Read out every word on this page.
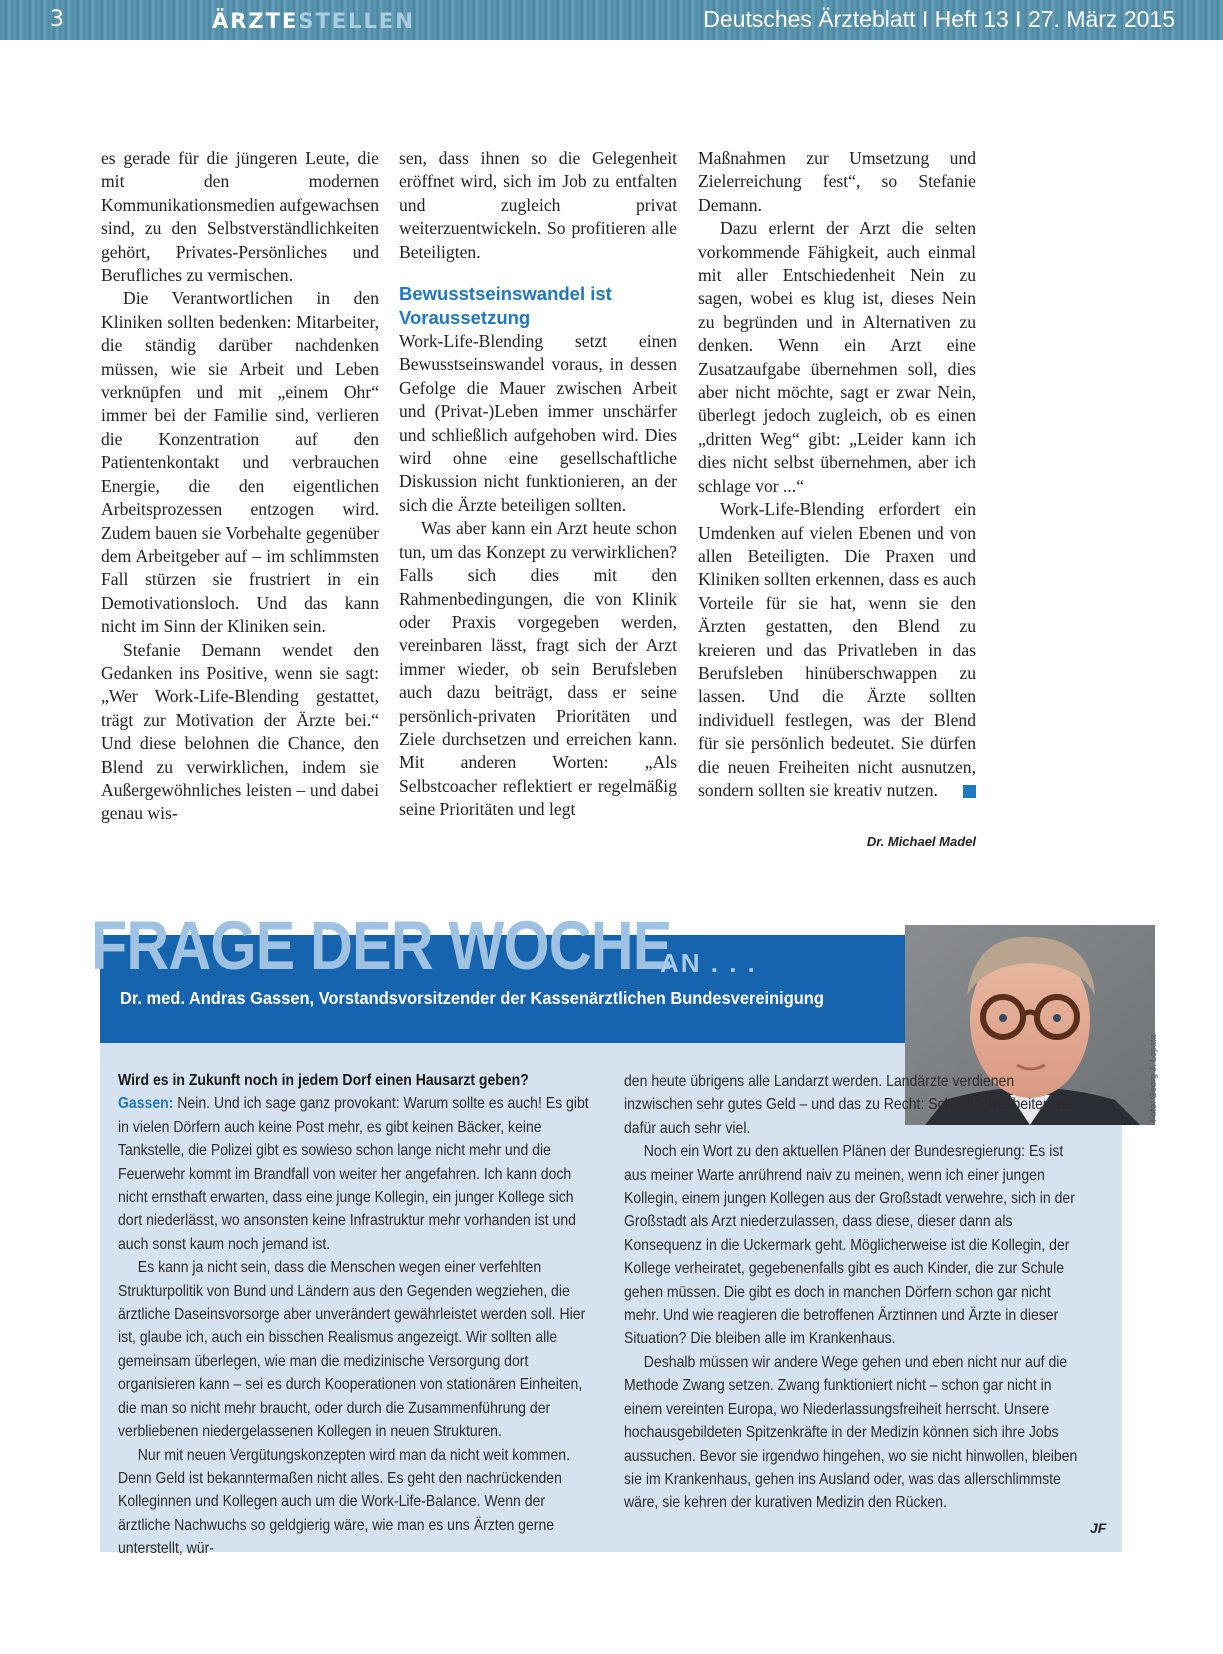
3	ÄRZTESTELLEN	Deutsches Ärzteblatt I Heft 13 I 27. März 2015

es gerade für die jüngeren Leute, die mit den modernen Kommunikationsmedien aufgewachsen sind, zu den Selbstverständlichkeiten gehört, Privates-Persönliches und Berufliches zu vermischen.

Die Verantwortlichen in den Kliniken sollten bedenken: Mitarbeiter, die ständig darüber nachdenken müssen, wie sie Arbeit und Leben verknüpfen und mit „einem Ohr“ immer bei der Familie sind, verlieren die Konzentration auf den Patientenkontakt und verbrauchen Energie, die den eigentlichen Arbeitsprozessen entzogen wird. Zudem bauen sie Vorbehalte gegenüber dem Arbeitgeber auf – im schlimmsten Fall stürzen sie frustriert in ein Demotivationsloch. Und das kann nicht im Sinn der Kliniken sein.

Stefanie Demann wendet den Gedanken ins Positive, wenn sie sagt: „Wer Work-Life-Blending gestattet, trägt zur Motivation der Ärzte bei.“ Und diese belohnen die Chance, den Blend zu verwirklichen, indem sie Außergewöhnliches leisten – und dabei genau wis-

sen, dass ihnen so die Gelegenheit eröffnet wird, sich im Job zu entfalten und zugleich privat weiterzuentwickeln. So profitieren alle Beteiligten.

Bewusstseinswandel ist Voraussetzung

Work-Life-Blending setzt einen Bewusstseinswandel voraus, in dessen Gefolge die Mauer zwischen Arbeit und (Privat-)Leben immer unschärfer und schließlich aufgehoben wird. Dies wird ohne eine gesellschaftliche Diskussion nicht funktionieren, an der sich die Ärzte beteiligen sollten.

Was aber kann ein Arzt heute schon tun, um das Konzept zu verwirklichen? Falls sich dies mit den Rahmenbedingungen, die von Klinik oder Praxis vorgegeben werden, vereinbaren lässt, fragt sich der Arzt immer wieder, ob sein Berufsleben auch dazu beiträgt, dass er seine persönlich-privaten Prioritäten und Ziele durchsetzen und erreichen kann. Mit anderen Worten: „Als Selbstcoacher reflektiert er regelmäßig seine Prioritäten und legt

Maßnahmen zur Umsetzung und Zielerreichung fest“, so Stefanie Demann.

Dazu erlernt der Arzt die selten vorkommende Fähigkeit, auch einmal mit aller Entschiedenheit Nein zu sagen, wobei es klug ist, dieses Nein zu begründen und in Alternativen zu denken. Wenn ein Arzt eine Zusatzaufgabe übernehmen soll, dies aber nicht möchte, sagt er zwar Nein, überlegt jedoch zugleich, ob es einen „dritten Weg“ gibt: „Leider kann ich dies nicht selbst übernehmen, aber ich schlage vor ...“

Work-Life-Blending erfordert ein Umdenken auf vielen Ebenen und von allen Beteiligten. Die Praxen und Kliniken sollten erkennen, dass es auch Vorteile für sie hat, wenn sie den Ärzten gestatten, den Blend zu kreieren und das Privatleben in das Berufsleben hinüberschwappen zu lassen. Und die Ärzte sollten individuell festlegen, was der Blend für sie persönlich bedeutet. Sie dürfen die neuen Freiheiten nicht ausnutzen, sondern sollten sie kreativ nutzen.

Dr. Michael Madel
FRAGE DER WOCHE
AN . . .
Dr. med. Andras Gassen, Vorstandsvorsitzender der Kassenärztlichen Bundesvereinigung
Foto: Georg J. Lopata

Wird es in Zukunft noch in jedem Dorf einen Hausarzt geben?

Gassen: Nein. Und ich sage ganz provokant: Warum sollte es auch! Es gibt in vielen Dörfern auch keine Post mehr, es gibt keinen Bäcker, keine Tankstelle, die Polizei gibt es sowieso schon lange nicht mehr und die Feuerwehr kommt im Brandfall von weiter her angefahren. Ich kann doch nicht ernsthaft erwarten, dass eine junge Kollegin, ein junger Kollege sich dort niederlässt, wo ansonsten keine Infrastruktur mehr vorhanden ist und auch sonst kaum noch jemand ist.

Es kann ja nicht sein, dass die Menschen wegen einer verfehlten Strukturpolitik von Bund und Ländern aus den Gegenden wegziehen, die ärztliche Daseinsvorsorge aber unverändert gewährleistet werden soll. Hier ist, glaube ich, auch ein bisschen Realismus angezeigt. Wir sollten alle gemeinsam überlegen, wie man die medizinische Versorgung dort organisieren kann – sei es durch Kooperationen von stationären Einheiten, die man so nicht mehr braucht, oder durch die Zusammenführung der verbliebenen niedergelassenen Kollegen in neuen Strukturen.

Nur mit neuen Vergütungskonzepten wird man da nicht weit kommen. Denn Geld ist bekanntermaßen nicht alles. Es geht den nachrückenden Kolleginnen und Kollegen auch um die Work-Life-Balance. Wenn der ärztliche Nachwuchs so geldgierig wäre, wie man es uns Ärzten gerne unterstellt, wür-

den heute übrigens alle Landarzt werden. Landärzte verdienen inzwischen sehr gutes Geld – und das zu Recht: Schließlich arbeiten sie dafür auch sehr viel.

Noch ein Wort zu den aktuellen Plänen der Bundesregierung: Es ist aus meiner Warte anrührend naiv zu meinen, wenn ich einer jungen Kollegin, einem jungen Kollegen aus der Großstadt verwehre, sich in der Großstadt als Arzt niederzulassen, dass diese, dieser dann als Konsequenz in die Uckermark geht. Möglicherweise ist die Kollegin, der Kollege verheiratet, gegebenenfalls gibt es auch Kinder, die zur Schule gehen müssen. Die gibt es doch in manchen Dörfern schon gar nicht mehr. Und wie reagieren die betroffenen Ärztinnen und Ärzte in dieser Situation? Die bleiben alle im Krankenhaus.

Deshalb müssen wir andere Wege gehen und eben nicht nur auf die Methode Zwang setzen. Zwang funktioniert nicht – schon gar nicht in einem vereinten Europa, wo Niederlassungsfreiheit herrscht. Unsere hochausgebildeten Spitzenkräfte in der Medizin können sich ihre Jobs aussuchen. Bevor sie irgendwo hingehen, wo sie nicht hinwollen, bleiben sie im Krankenhaus, gehen ins Ausland oder, was das allerschlimmste wäre, sie kehren der kurativen Medizin den Rücken.

JF
